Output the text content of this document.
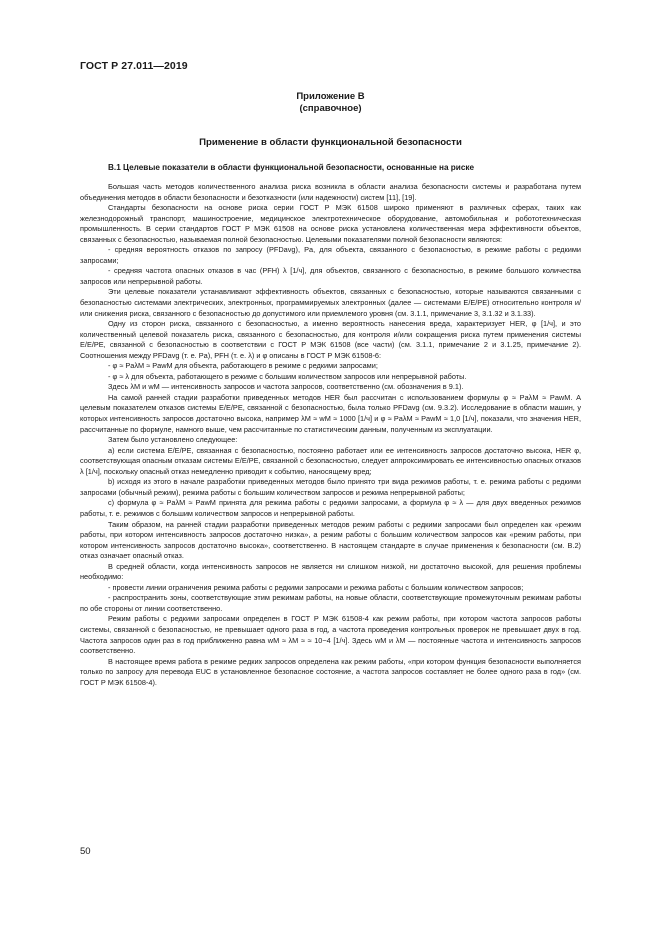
ГОСТ Р 27.011—2019
Приложение В
(справочное)
Применение в области функциональной безопасности
В.1 Целевые показатели в области функциональной безопасности, основанные на риске

Большая часть методов количественного анализа риска возникла в области анализа безопасности системы и разработана путем объединения методов в области безопасности и безотказности (или надежности) систем [11], [19].

Стандарты безопасности на основе риска серии ГОСТ Р МЭК 61508 широко применяют в различных сферах, таких как железнодорожный транспорт, машиностроение, медицинское электротехническое оборудование, автомобильная и робототехническая промышленность. В серии стандартов ГОСТ Р МЭК 61508 на основе риска установлена количественная мера эффективности объектов, связанных с безопасностью, называемая полной безопасностью. Целевыми показателями полной безопасности являются:

- средняя вероятность отказов по запросу (PFDavg), Pa, для объекта, связанного с безопасностью, в режиме работы с редкими запросами;

- средняя частота опасных отказов в час (PFH) λ [1/ч], для объектов, связанного с безопасностью, в режиме большого количества запросов или непрерывной работы.

Эти целевые показатели устанавливают эффективность объектов, связанных с безопасностью, которые называются связанными с безопасностью системами электрических, электронных, программируемых электронных (далее — системами E/E/PE) относительно контроля и/или снижения риска, связанного с безопасностью до допустимого или приемлемого уровня (см. 3.1.1, примечание 3, 3.1.32 и 3.1.33).

Одну из сторон риска, связанного с безопасностью, а именно вероятность нанесения вреда, характеризует HER, φ [1/ч], и это количественный целевой показатель риска, связанного с безопасностью, для контроля и/или сокращения риска путем применения системы E/E/PE, связанной с безопасностью в соответствии с ГОСТ Р МЭК 61508 (все части) (см. 3.1.1, примечание 2 и 3.1.25, примечание 2). Соотношения между PFDavg (т. е. Pa), PFH (т. е. λ) и φ описаны в ГОСТ Р МЭК 61508-6:

- φ ≈ PaλM ≈ PawM для объекта, работающего в режиме с редкими запросами;

- φ ≈ λ для объекта, работающего в режиме с большим количеством запросов или непрерывной работы.

Здесь λM и wM — интенсивность запросов и частота запросов, соответственно (см. обозначения в 9.1).

На самой ранней стадии разработки приведенных методов HER был рассчитан с использованием формулы φ ≈ PaλM ≈ PawM. А целевым показателем отказов системы E/E/PE, связанной с безопасностью, была только PFDavg (см. 9.3.2). Исследование в области машин, у которых интенсивность запросов достаточно высока, например λM ≈ wM ≈ 1000 [1/ч] и φ ≈ PaλM ≈ PawM ≈ 1,0 [1/ч], показали, что значения HER, рассчитанные по формуле, намного выше, чем рассчитанные по статистическим данным, полученным из эксплуатации.

Затем было установлено следующее:

a) если система E/E/PE, связанная с безопасностью, постоянно работает или ее интенсивность запросов достаточно высока, HER φ, соответствующая опасным отказам системы E/E/PE, связанной с безопасностью, следует аппроксимировать ее интенсивностью опасных отказов λ [1/ч], поскольку опасный отказ немедленно приводит к событию, наносящему вред;

b) исходя из этого в начале разработки приведенных методов было принято три вида режимов работы, т. е. режима работы с редкими запросами (обычный режим), режима работы с большим количеством запросов и режима непрерывной работы;

c) формула φ ≈ PaλM ≈ PawM принята для режима работы с редкими запросами, а формула φ ≈ λ — для двух введенных режимов работы, т. е. режимов с большим количеством запросов и непрерывной работы.

Таким образом, на ранней стадии разработки приведенных методов режим работы с редкими запросами был определен как «режим работы, при котором интенсивность запросов достаточно низка», а режим работы с большим количеством запросов как «режим работы, при котором интенсивность запросов достаточно высока», соответственно. В настоящем стандарте в случае применения к безопасности (см. В.2) отказ означает опасный отказ.

В средней области, когда интенсивность запросов не является ни слишком низкой, ни достаточно высокой, для решения проблемы необходимо:

- провести линии ограничения режима работы с редкими запросами и режима работы с большим количеством запросов;

- распространить зоны, соответствующие этим режимам работы, на новые области, соответствующие промежуточным режимам работы по обе стороны от линии соответственно.

Режим работы с редкими запросами определен в ГОСТ Р МЭК 61508-4 как режим работы, при котором частота запросов работы системы, связанной с безопасностью, не превышает одного раза в год, а частота проведения контрольных проверок не превышает двух в год. Частота запросов один раз в год приближенно равна wM ≈ λM ≈ ≈ 10−4 [1/ч]. Здесь wM и λM — постоянные частота и интенсивность запросов соответственно.

В настоящее время работа в режиме редких запросов определена как режим работы, «при котором функция безопасности выполняется только по запросу для перевода EUC в установленное безопасное состояние, а частота запросов составляет не более одного раза в год» (см. ГОСТ Р МЭК 61508-4).

50
